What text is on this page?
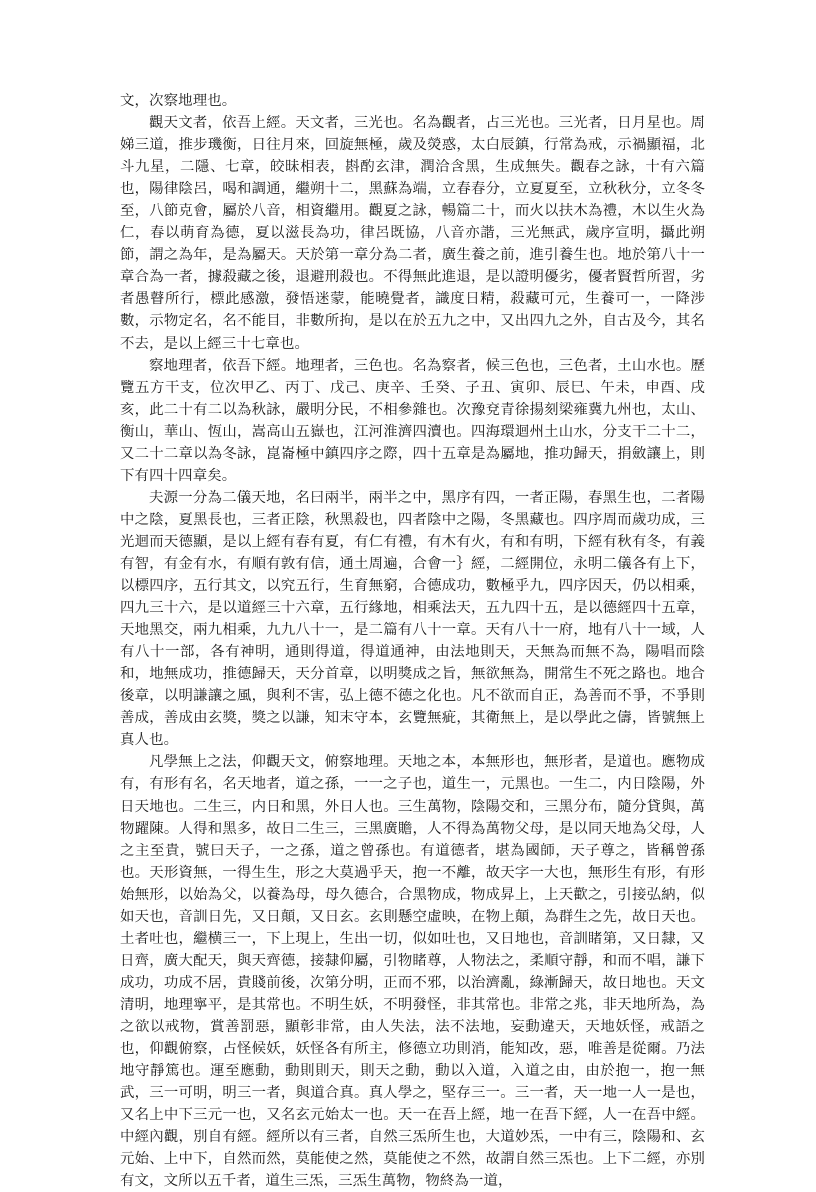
文，次察地理也。

觀天文者，依吾上經。天文者，三光也。名為觀者，占三光也。三光者，日月星也。周娣三道，推步璣衡，日往月來，回旋無極，歲及熒惑，太白辰鎮，行常為戒，示禍顯福，北斗九星，二隱、七章，皎昧相表，斟酌玄津，潤洽含黑，生成無失。觀春之詠，十有六篇也，陽律陰呂，喝和調通，繼朔十二，黑蘇為端，立春春分，立夏夏至，立秋秋分，立冬冬至，八節克會，屬於八音，相資繼用。觀夏之詠，暢篇二十，而火以扶木為禮，木以生火為仁，春以萌育為德，夏以滋長為功，律呂既協，八音亦諧，三光無武，歲序宣明，攝此朔節，謂之為年，是為屬天。天於第一章分為二者，廣生養之前，進引養生也。地於第八十一章合為一者，據殺藏之後，退避刑殺也。不得無此進退，是以證明優劣，優者賢哲所習，劣者愚瞽所行，標此感激，發悟迷蒙，能曉覺者，識度日精，殺藏可元，生養可一，一降涉數，示物定名，名不能目，非數所拘，是以在於五九之中，又出四九之外，自古及今，其名不去，是以上經三十七章也。

察地理者，依吾下經。地理者，三色也。名為察者，候三色也，三色者，土山水也。歷覽五方干支，位次甲乙、丙丁、戊己、庚辛、壬癸、子丑、寅卯、辰巳、午未，申酉、戌亥，此二十有二以為秋詠，嚴明分民，不相參雜也。次豫兗青徐揚刻梁雍冀九州也，太山、衡山，華山、恆山，嵩高山五嶽也，江河淮濟四瀆也。四海環迴州土山水，分支干二十二，又二十二章以為冬詠，崑崙極中鎮四序之際，四十五章是為屬地，推功歸天，捐斂讓上，則下有四十四章矣。

夫源一分為二儀天地，名曰兩半，兩半之中，黑序有四，一者正陽，春黑生也，二者陽中之陰，夏黑長也，三者正陰，秋黑殺也，四者陰中之陽，冬黑藏也。四序周而歲功成，三光迴而天德顯，是以上經有春有夏，有仁有禮，有木有火，有和有明，下經有秋有冬，有義有智，有金有水，有順有敦有信，通土周遍，合會一｝經，二經開位，永明二儀各有上下，以標四序，五行其文，以究五行，生育無窮，合德成功，數極乎九，四序因天，仍以相乘，四九三十六，是以道經三十六章，五行緣地，相乘法天，五九四十五，是以德經四十五章，天地黑交，兩九相乘，九九八十一，是二篇有八十一章。天有八十一府，地有八十一域，人有八十一部，各有神明，通則得道，得道通神，由法地則天，天無為而無不為，陽唱而陰和，地無成功，推德歸天，天分首章，以明獎成之旨，無欲無為，開常生不死之路也。地合後章，以明謙讓之風，與利不害，弘上德不德之化也。凡不欲而自正，為善而不爭，不爭則善成，善成由玄獎，獎之以謙，知末守本，玄覽無疵，其衛無上，是以學此之儔，皆號無上真人也。

凡學無上之法，仰觀天文，俯察地理。天地之本，本無形也，無形者，是道也。應物成有，有形有名，名天地者，道之孫，一一之子也，道生一，元黑也。一生二，内日陰陽，外日天地也。二生三，内日和黑，外日人也。三生萬物，陰陽交和，三黑分布，隨分貸與，萬物躍陳。人得和黑多，故日二生三，三黑廣贍，人不得為萬物父母，是以同天地為父母，人之主至貴，號曰天子，一之孫，道之曾孫也。有道德者，堪為國師，天子尊之，皆稱曾孫也。天形資無，一得生生，形之大莫過乎天，抱一不離，故天字一大也，無形生有形，有形始無形，以始為父，以養為母，母久德合，合黑物成，物成昇上，上天歡之，引接弘納，似如天也，音訓日先，又日顛，又日玄。玄則懸空虛映，在物上顛，為群生之先，故日天也。土者吐也，繼横三一，下上現上，生出一切，似如吐也，又日地也，音訓睹第，又日隸，又日齊，廣大配天，與天齊德，接隸仰屬，引物睹尊，人物法之，柔順守靜，和而不唱，謙下成功，功成不居，貴賤前後，次第分明，正而不邪，以治濟亂，綠漸歸天，故日地也。天文清明，地理寧平，是其常也。不明生妖，不明發怪，非其常也。非常之兆，非天地所為，為之欲以戒物，賞善罰惡，顯彰非常，由人失法，法不法地，妄動違天，天地妖怪，戒語之也，仰觀俯察，占怪候妖，妖怪各有所主，修德立功則消，能知改，惡，唯善是從爾。乃法地守靜篤也。運至應動，動則則天，則天之動，動以入道，入道之由，由於抱一，抱一無武，三一可明，明三一者，與道合真。真人學之，堅存三一。三一者，天一地一人一是也，又名上中下三元一也，又名玄元始太一也。天一在吾上經，地一在吾下經，人一在吾中經。中經內觀，別自有經。經所以有三者，自然三炁所生也，大道妙炁，一中有三，陰陽和、玄元始、上中下，自然而然，莫能使之然，莫能使之不然，故謂自然三炁也。上下二經，亦別有文，文所以五千者，道生三炁，三炁生萬物，物終為一道，
